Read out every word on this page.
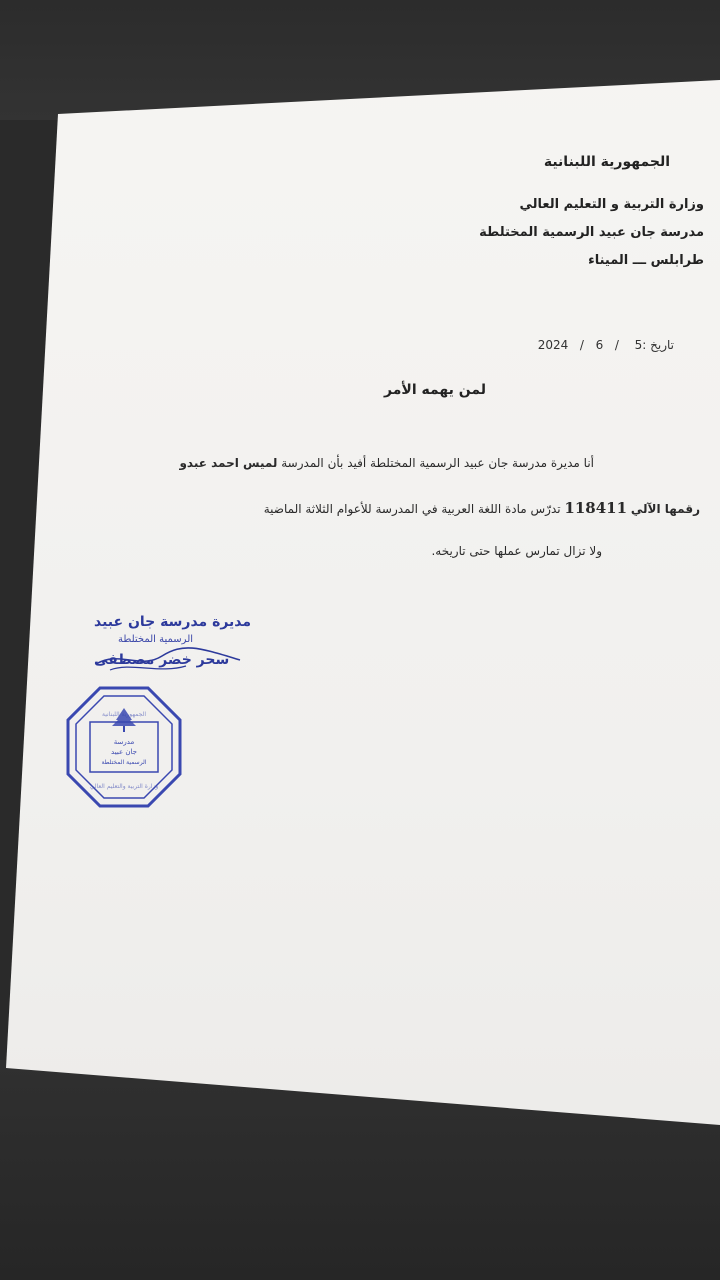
الجمهورية اللبنانية
وزارة التربية و التعليم العالي
مدرسة جان عبيد الرسمية المختلطة
طرابلس ـــ الميناء
تاريخ :5  /  6  /  2024
لمن يهمه الأمر
أنا مديرة مدرسة جان عبيد الرسمية المختلطة أفيد بأن المدرسة لميس احمد عبدو
رقمها الآلي 118411 تدرّس مادة اللغة العربية في المدرسة للأعوام الثلاثة الماضية
ولا تزال تمارس عملها حتى تاريخه.
مديرة مدرسة جان عبيد
الرسمية المختلطة
سحر خضر مصطفى
مدرسة
جان عبيد
الرسمية المختلطة
الجمهورية اللبنانية
وزارة التربية والتعليم العالي
